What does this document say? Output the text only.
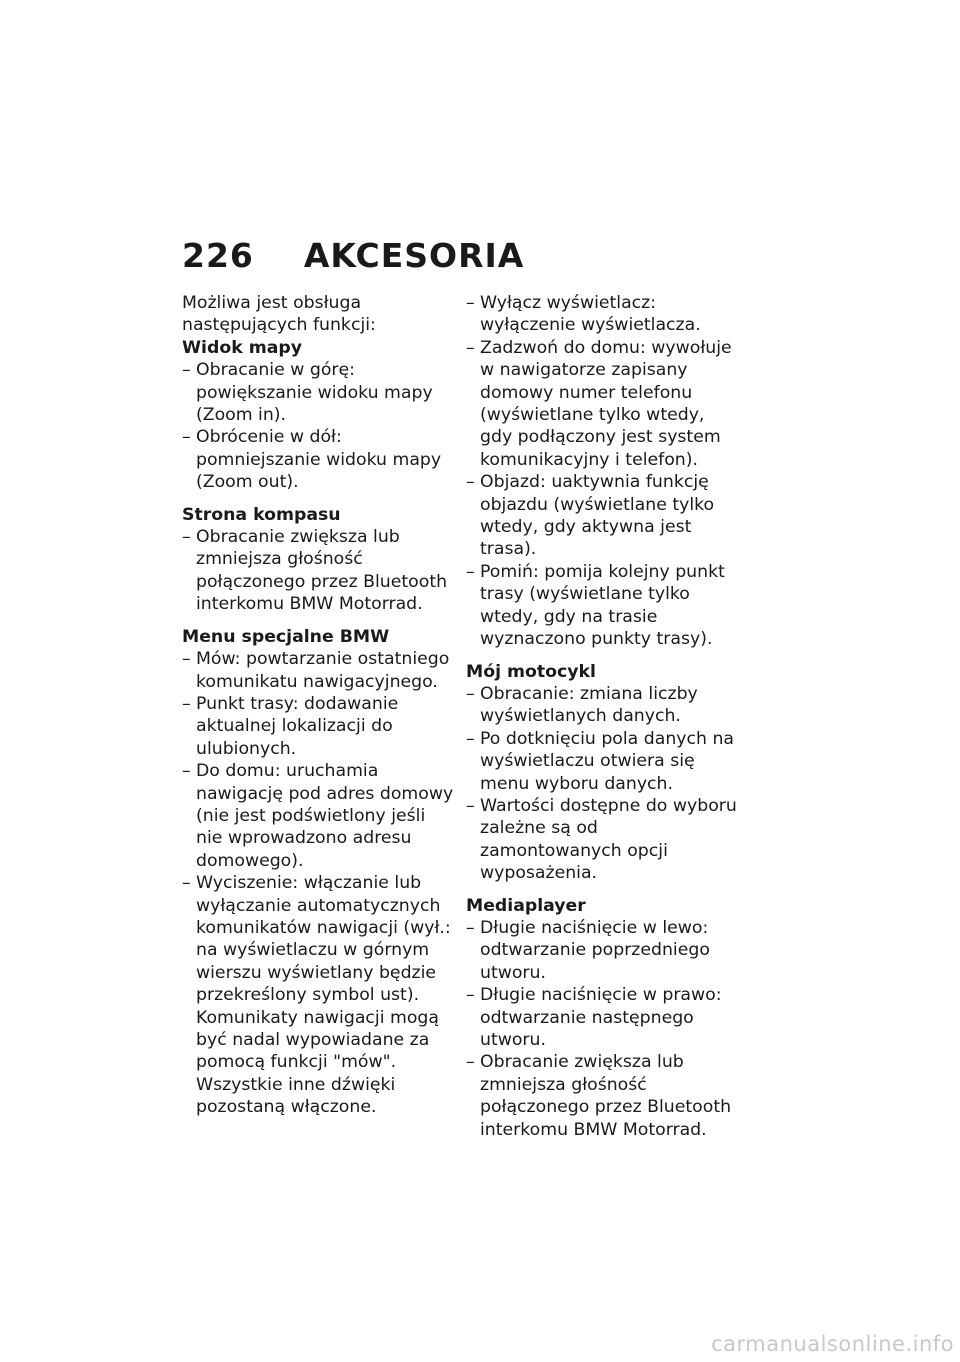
226 AKCESORIA

Możliwa jest obsługa następujących funkcji:

Widok mapy

– Obracanie w górę: powiększanie widoku mapy (Zoom in).
– Obrócenie w dół: pomniejszanie widoku mapy (Zoom out).

Strona kompasu

– Obracanie zwiększa lub zmniejsza głośność połączonego przez Bluetooth interkomu BMW Motorrad.

Menu specjalne BMW

– Mów: powtarzanie ostatniego komunikatu nawigacyjnego.
– Punkt trasy: dodawanie aktualnej lokalizacji do ulubionych.
– Do domu: uruchamia nawigację pod adres domowy (nie jest podświetlony jeśli nie wprowadzono adresu domowego).
– Wyciszenie: włączanie lub wyłączanie automatycznych komunikatów nawigacji (wył.: na wyświetlaczu w górnym wierszu wyświetlany będzie przekreślony symbol ust). Komunikaty nawigacji mogą być nadal wypowiadane za pomocą funkcji "mów". Wszystkie inne dźwięki pozostaną włączone.
– Wyłącz wyświetlacz: wyłączenie wyświetlacza.
– Zadzwoń do domu: wywołuje w nawigatorze zapisany domowy numer telefonu (wyświetlane tylko wtedy, gdy podłączony jest system komunikacyjny i telefon).
– Objazd: uaktywnia funkcję objazdu (wyświetlane tylko wtedy, gdy aktywna jest trasa).
– Pomiń: pomija kolejny punkt trasy (wyświetlane tylko wtedy, gdy na trasie wyznaczono punkty trasy).

Mój motocykl

– Obracanie: zmiana liczby wyświetlanych danych.
– Po dotknięciu pola danych na wyświetlaczu otwiera się menu wyboru danych.
– Wartości dostępne do wyboru zależne są od zamontowanych opcji wyposażenia.

Mediaplayer

– Długie naciśnięcie w lewo: odtwarzanie poprzedniego utworu.
– Długie naciśnięcie w prawo: odtwarzanie następnego utworu.
– Obracanie zwiększa lub zmniejsza głośność połączonego przez Bluetooth interkomu BMW Motorrad.
carmanualsonline.info
